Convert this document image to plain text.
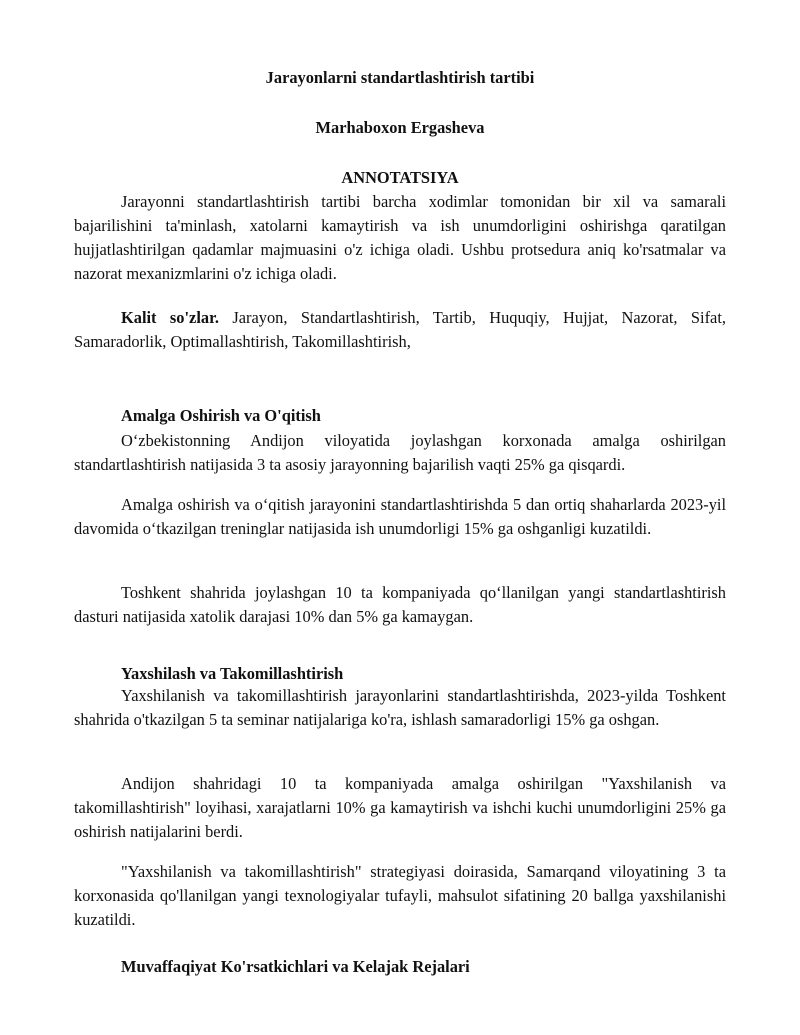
Jarayonlarni standartlashtirish tartibi

Marhaboxon Ergasheva

ANNOTATSIYA

Jarayonni standartlashtirish tartibi barcha xodimlar tomonidan bir xil va samarali bajarilishini ta'minlash, xatolarni kamaytirish va ish unumdorligini oshirishga qaratilgan hujjatlashtirilgan qadamlar majmuasini o'z ichiga oladi. Ushbu protsedura aniq ko'rsatmalar va nazorat mexanizmlarini o'z ichiga oladi.

Kalit so'zlar. Jarayon, Standartlashtirish, Tartib, Huquqiy, Hujjat, Nazorat, Sifat, Samaradorlik, Optimallashtirish, Takomillashtirish,

Amalga Oshirish va O'qitish

O‘zbekistonning Andijon viloyatida joylashgan korxonada amalga oshirilgan standartlashtirish natijasida 3 ta asosiy jarayonning bajarilish vaqti 25% ga qisqardi.

Amalga oshirish va o‘qitish jarayonini standartlashtirishda 5 dan ortiq shaharlarda 2023-yil davomida o‘tkazilgan treninglar natijasida ish unumdorligi 15% ga oshganligi kuzatildi.

Toshkent shahrida joylashgan 10 ta kompaniyada qo‘llanilgan yangi standartlashtirish dasturi natijasida xatolik darajasi 10% dan 5% ga kamaygan.

Yaxshilash va Takomillashtirish

Yaxshilanish va takomillashtirish jarayonlarini standartlashtirishda, 2023-yilda Toshkent shahrida o'tkazilgan 5 ta seminar natijalariga ko'ra, ishlash samaradorligi 15% ga oshgan.

Andijon shahridagi 10 ta kompaniyada amalga oshirilgan "Yaxshilanish va takomillashtirish" loyihasi, xarajatlarni 10% ga kamaytirish va ishchi kuchi unumdorligini 25% ga oshirish natijalarini berdi.

"Yaxshilanish va takomillashtirish" strategiyasi doirasida, Samarqand viloyatining 3 ta korxonasida qo'llanilgan yangi texnologiyalar tufayli, mahsulot sifatining 20 ballga yaxshilanishi kuzatildi.

Muvaffaqiyat Ko'rsatkichlari va Kelajak Rejalari
